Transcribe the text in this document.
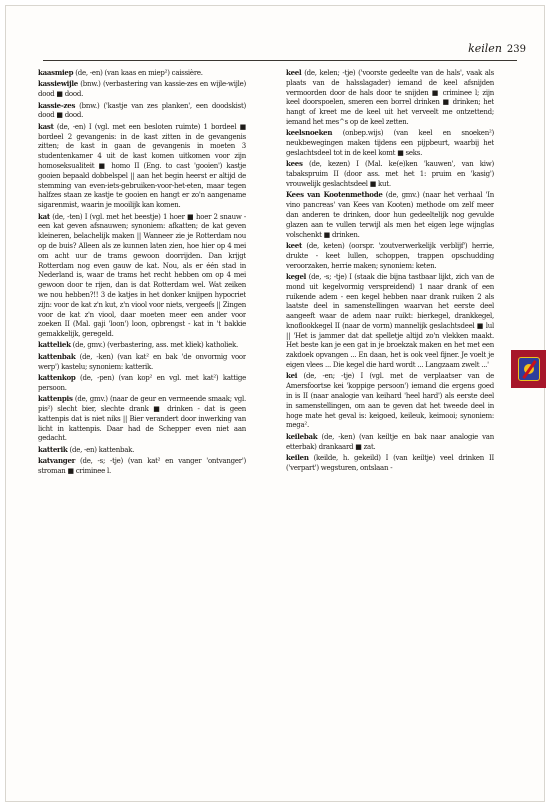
keilen 239

kaasmiep (de, -en) (van kaas en miep²) caissière.

kassiewijle (bnw.) (verbastering van kassie-zes en wijle-wijle) dood ■ dood.

kassie-zes (bnw.) ('kastje van zes planken', een doodskist) dood ■ dood.

kast (de, -en) I (vgl. met een besloten ruimte) 1 bordeel ■ bordeel 2 gevangenis: in de kast zitten in de gevangenis zitten; de kast in gaan de gevangenis in moeten 3 studentenkamer 4 uit de kast komen uitkomen voor zijn homoseksualiteit ■ homo II (Eng. to cast 'gooien') kastje gooien bepaald dobbelspel || aan het begin heerst er altijd de stemming van even-iets-gebruiken-voor-het-eten, maar tegen halfzes staan ze kastje te gooien en hangt er zo'n aangename sigarenmist, waarin je mooilijk kan komen.

kat (de, -ten) I (vgl. met het beestje) 1 hoer ■ hoer 2 snauw - een kat geven afsnauwen; synoniem: afkatten; de kat geven kleineren, belachelijk maken || Wanneer zie je Rotterdam nou op de buis? Alleen als ze kunnen laten zien, hoe hier op 4 mei om acht uur de trams gewoon doorrijden. Dan krijgt Rotterdam nog even gauw de kat. Nou, als er één stad in Nederland is, waar de trams het recht hebben om op 4 mei gewoon door te rijen, dan is dat Rotterdam wel. Wat zeiken we nou hebben?!! 3 de katjes in het donker knijpen hypocriet zijn: voor de kat z'n kut, z'n viool voor niets, vergeefs || Zingen voor de kat z'n viool, daar moeten meer een ander voor zoeken II (Mal. gaji 'loon') loon, opbrengst - kat in 't bakkie gemakkelijk, geregeld.

katteliek (de, gmv.) (verbastering, ass. met kliek) katholiek.

kattenbak (de, -ken) (van kat² en bak 'de onvormig voor werp') kastelu; synoniem: katterik.

kattenkop (de, -pen) (van kop² en vgl. met kat²) kattige persoon.

kattenpis (de, gmv.) (naar de geur en vermeende smaak; vgl. pis²) slecht bier, slechte drank ■ drinken - dat is geen kattenpis dat is niet niks || Bier verandert door inwerking van licht in kattenpis. Daar had de Schepper even niet aan gedacht.

katterik (de, -en) kattenbak.

katvanger (de, -s; -tje) (van kat² en vanger 'ontvanger') stroman ■ criminee l.

keel (de, kelen; -tje) ('voorste gedeelte van de hals', vaak als plaats van de halsslagader) iemand de keel afsnijden vermoorden door de hals door te snijden ■ criminee l; zijn keel doorspoelen, smeren een borrel drinken ■ drinken; het hangt of kreet me de keel uit het verveelt me ontzettend; iemand het mes^s op de keel zetten.

keelsnoeken (onbep.wijs) (van keel en snoeken²) neukbewegingen maken tijdens een pijpbeurt, waarbij het geslachtsdeel tot in de keel komt ■ seks.

kees (de, kezen) I (Mal. ke(e)ken 'kauwen', van kiw) tabakspruim II (door ass. met het 1: pruim en 'kasig') vrouwelijk geslachtsdeel ■ kut.

Kees van Kootenmethode (de, gmv.) (naar het verhaal 'In vino pancreas' van Kees van Kooten) methode om zelf meer dan anderen te drinken, door hun gedeeltelijk nog gevulde glazen aan te vullen terwijl als men het eigen lege wijnglas volschenkt ■ drinken.

keet (de, keten) (oorspr. 'zoutverwerkelijk verblijf') herrie, drukte - keet lullen, schoppen, trappen opschudding veroorzaken, herrie maken; synoniem: keten.

kegel (de, -s; -tje) I (staak die bijna tastbaar lijkt, zich van de mond uit kegelvormig verspreidend) 1 naar drank of een ruikende adem - een kegel hebben naar drank ruiken 2 als laatste deel in samenstellingen waarvan het eerste deel aangeeft waar de adem naar ruikt: bierkegel, drankkegel, knoflookkegel II (naar de vorm) mannelijk geslachtsdeel ■ lul || 'Het is jammer dat dat spelletje altijd zo'n vlekken maakt. Het beste kan je een gat in je broekzak maken en het met een zakdoek opvangen ... En daan, het is ook veel fijner. Je voelt je eigen vlees ... Die kegel die hard wordt ... Langzaam zwelt ...'

kei (de, -en; -tje) I (vgl. met de verplaatser van de Amersfoortse kei 'koppige persoon') iemand die ergens goed in is II (naar analogie van keihard 'heel hard') als eerste deel in samenstellingen, om aan te geven dat het tweede deel in hoge mate het geval is: keigoed, keileuk, keimooi; synoniem: mega².

keilebak (de, -ken) (van keiltje en bak naar analogie van etterbak) drankaard ■ zat.

keilen (keilde, h. gekeild) I (van keiltje) veel drinken II ('verpart') wegsturen, ontslaan -
